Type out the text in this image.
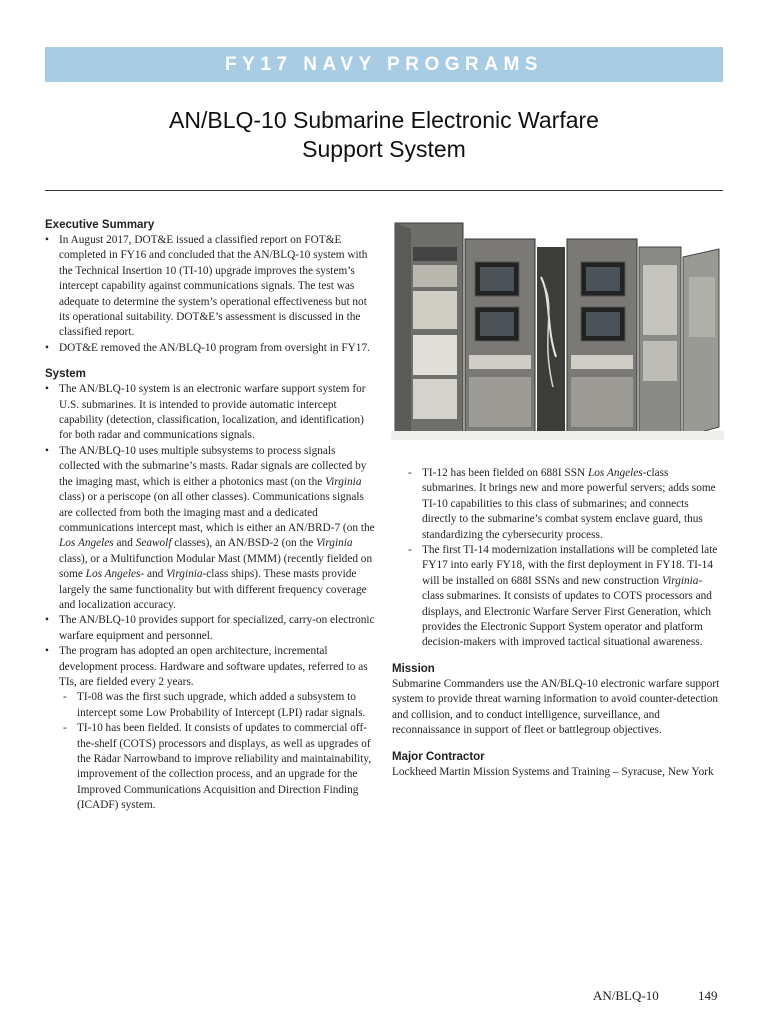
FY17 NAVY PROGRAMS
AN/BLQ-10 Submarine Electronic Warfare
Support System
Executive Summary
• In August 2017, DOT&E issued a classified report on FOT&E completed in FY16 and concluded that the AN/BLQ-10 system with the Technical Insertion 10 (TI-10) upgrade improves the system’s intercept capability against communications signals. The test was adequate to determine the system’s operational effectiveness but not its operational suitability. DOT&E’s assessment is discussed in the classified report.
• DOT&E removed the AN/BLQ-10 program from oversight in FY17.
System
• The AN/BLQ-10 system is an electronic warfare support system for U.S. submarines. It is intended to provide automatic intercept capability (detection, classification, localization, and identification) for both radar and communications signals.
• The AN/BLQ-10 uses multiple subsystems to process signals collected with the submarine’s masts. Radar signals are collected by the imaging mast, which is either a photonics mast (on the Virginia class) or a periscope (on all other classes). Communications signals are collected from both the imaging mast and a dedicated communications intercept mast, which is either an AN/BRD-7 (on the Los Angeles and Seawolf classes), an AN/BSD-2 (on the Virginia class), or a Multifunction Modular Mast (MMM) (recently fielded on some Los Angeles- and Virginia-class ships). These masts provide largely the same functionality but with different frequency coverage and localization accuracy.
• The AN/BLQ-10 provides support for specialized, carry-on electronic warfare equipment and personnel.
• The program has adopted an open architecture, incremental development process. Hardware and software updates, referred to as TIs, are fielded every 2 years.
- TI-08 was the first such upgrade, which added a subsystem to intercept some Low Probability of Intercept (LPI) radar signals.
- TI-10 has been fielded. It consists of updates to commercial off-the-shelf (COTS) processors and displays, as well as upgrades of the Radar Narrowband to improve reliability and maintainability, improvement of the collection process, and an upgrade for the Improved Communications Acquisition and Direction Finding (ICADF) system.
- TI-12 has been fielded on 688I SSN Los Angeles-class submarines. It brings new and more powerful servers; adds some TI-10 capabilities to this class of submarines; and connects directly to the submarine’s combat system enclave guard, thus standardizing the cybersecurity process.
- The first TI-14 modernization installations will be completed late FY17 into early FY18, with the first deployment in FY18. TI-14 will be installed on 688I SSNs and new construction Virginia-class submarines. It consists of updates to COTS processors and displays, and Electronic Warfare Server First Generation, which provides the Electronic Support System operator and platform decision-makers with improved tactical situational awareness.
Mission

Submarine Commanders use the AN/BLQ-10 electronic warfare support system to provide threat warning information to avoid counter-detection and collision, and to conduct intelligence, surveillance, and reconnaissance in support of fleet or battlegroup objectives.

Major Contractor

Lockheed Martin Mission Systems and Training – Syracuse, New York

AN/BLQ-10	149
